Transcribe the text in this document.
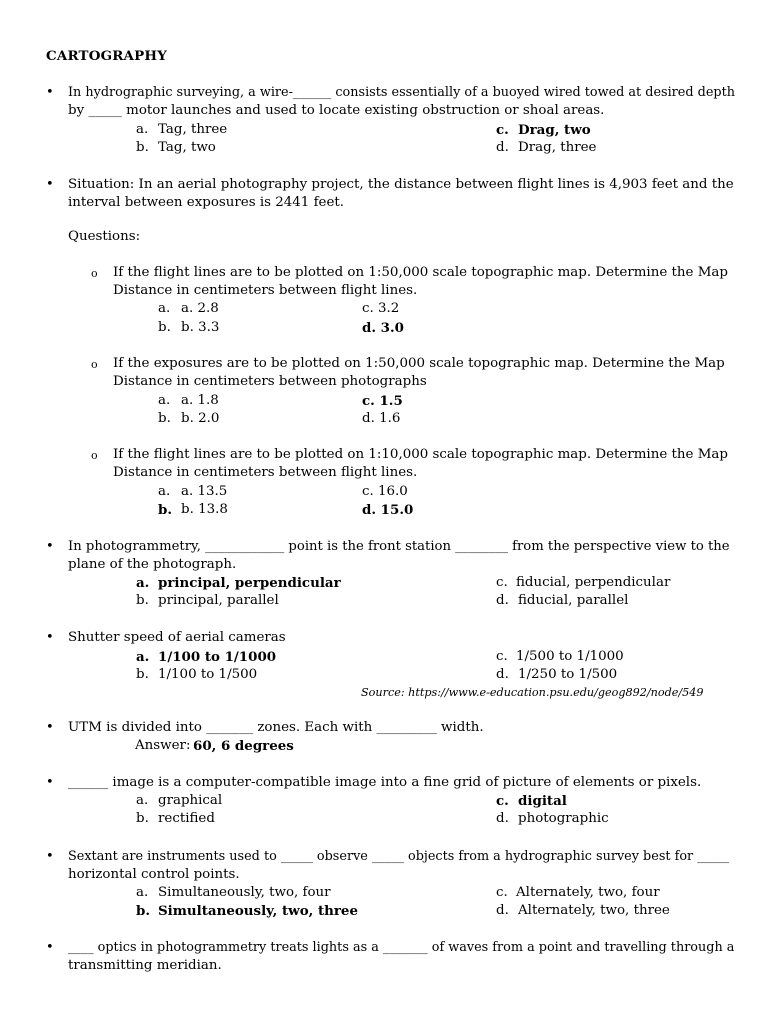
CARTOGRAPHY
• In hydrographic surveying, a wire-______ consists essentially of a buoyed wired towed at desired depth
by _____ motor launches and used to locate existing obstruction or shoal areas.
a. Tag, three	c. Drag, two
b. Tag, two	d. Drag, three
• Situation: In an aerial photography project, the distance between flight lines is 4,903 feet and the
interval between exposures is 2441 feet.
Questions:
o If the flight lines are to be plotted on 1:50,000 scale topographic map. Determine the Map
Distance in centimeters between flight lines.
a. a. 2.8	c. 3.2
b. b. 3.3	d. 3.0
o If the exposures are to be plotted on 1:50,000 scale topographic map. Determine the Map
Distance in centimeters between photographs
a. a. 1.8	c. 1.5
b. b. 2.0	d. 1.6
o If the flight lines are to be plotted on 1:10,000 scale topographic map. Determine the Map
Distance in centimeters between flight lines.
a. a. 13.5	c. 16.0
b. b. 13.8	d. 15.0
• In photogrammetry, ____________ point is the front station ________ from the perspective view to the
plane of the photograph.
a. principal, perpendicular	c. fiducial, perpendicular
b. principal, parallel	d. fiducial, parallel
• Shutter speed of aerial cameras
a. 1/100 to 1/1000	c. 1/500 to 1/1000
b. 1/100 to 1/500	d. 1/250 to 1/500
Source: https://www.e-education.psu.edu/geog892/node/549
• UTM is divided into _______ zones. Each with _________ width.
Answer: 60, 6 degrees
• ______ image is a computer-compatible image into a fine grid of picture of elements or pixels.
a. graphical	c. digital
b. rectified	d. photographic
• Sextant are instruments used to _____ observe _____ objects from a hydrographic survey best for _____
horizontal control points.
a. Simultaneously, two, four	c. Alternately, two, four
b. Simultaneously, two, three	d. Alternately, two, three
• ____ optics in photogrammetry treats lights as a _______ of waves from a point and travelling through a
transmitting meridian.
